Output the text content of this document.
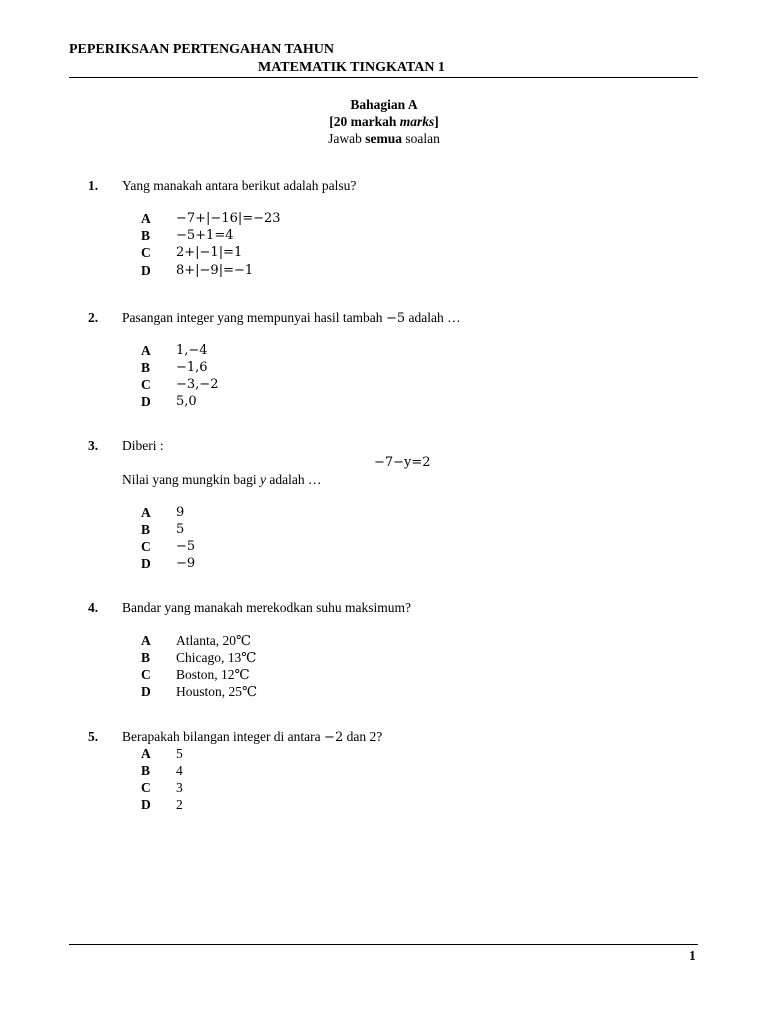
PEPERIKSAAN PERTENGAHAN TAHUN
MATEMATIK TINGKATAN 1
Bahagian A
[20 markah marks]
Jawab semua soalan
1. Yang manakah antara berikut adalah palsu?
A −7+|−16|=−23
B −5+1=4
C 2+|−1|=1
D 8+|−9|=−1
2. Pasangan integer yang mempunyai hasil tambah −5 adalah …
A 1,−4
B −1,6
C −3,−2
D 5,0
3. Diberi :
−7−y=2
Nilai yang mungkin bagi y adalah …
A 9
B 5
C −5
D −9
4. Bandar yang manakah merekodkan suhu maksimum?
A Atlanta, 20℃
B Chicago, 13℃
C Boston, 12℃
D Houston, 25℃
5. Berapakah bilangan integer di antara −2 dan 2?
A 5
B 4
C 3
D 2
1
